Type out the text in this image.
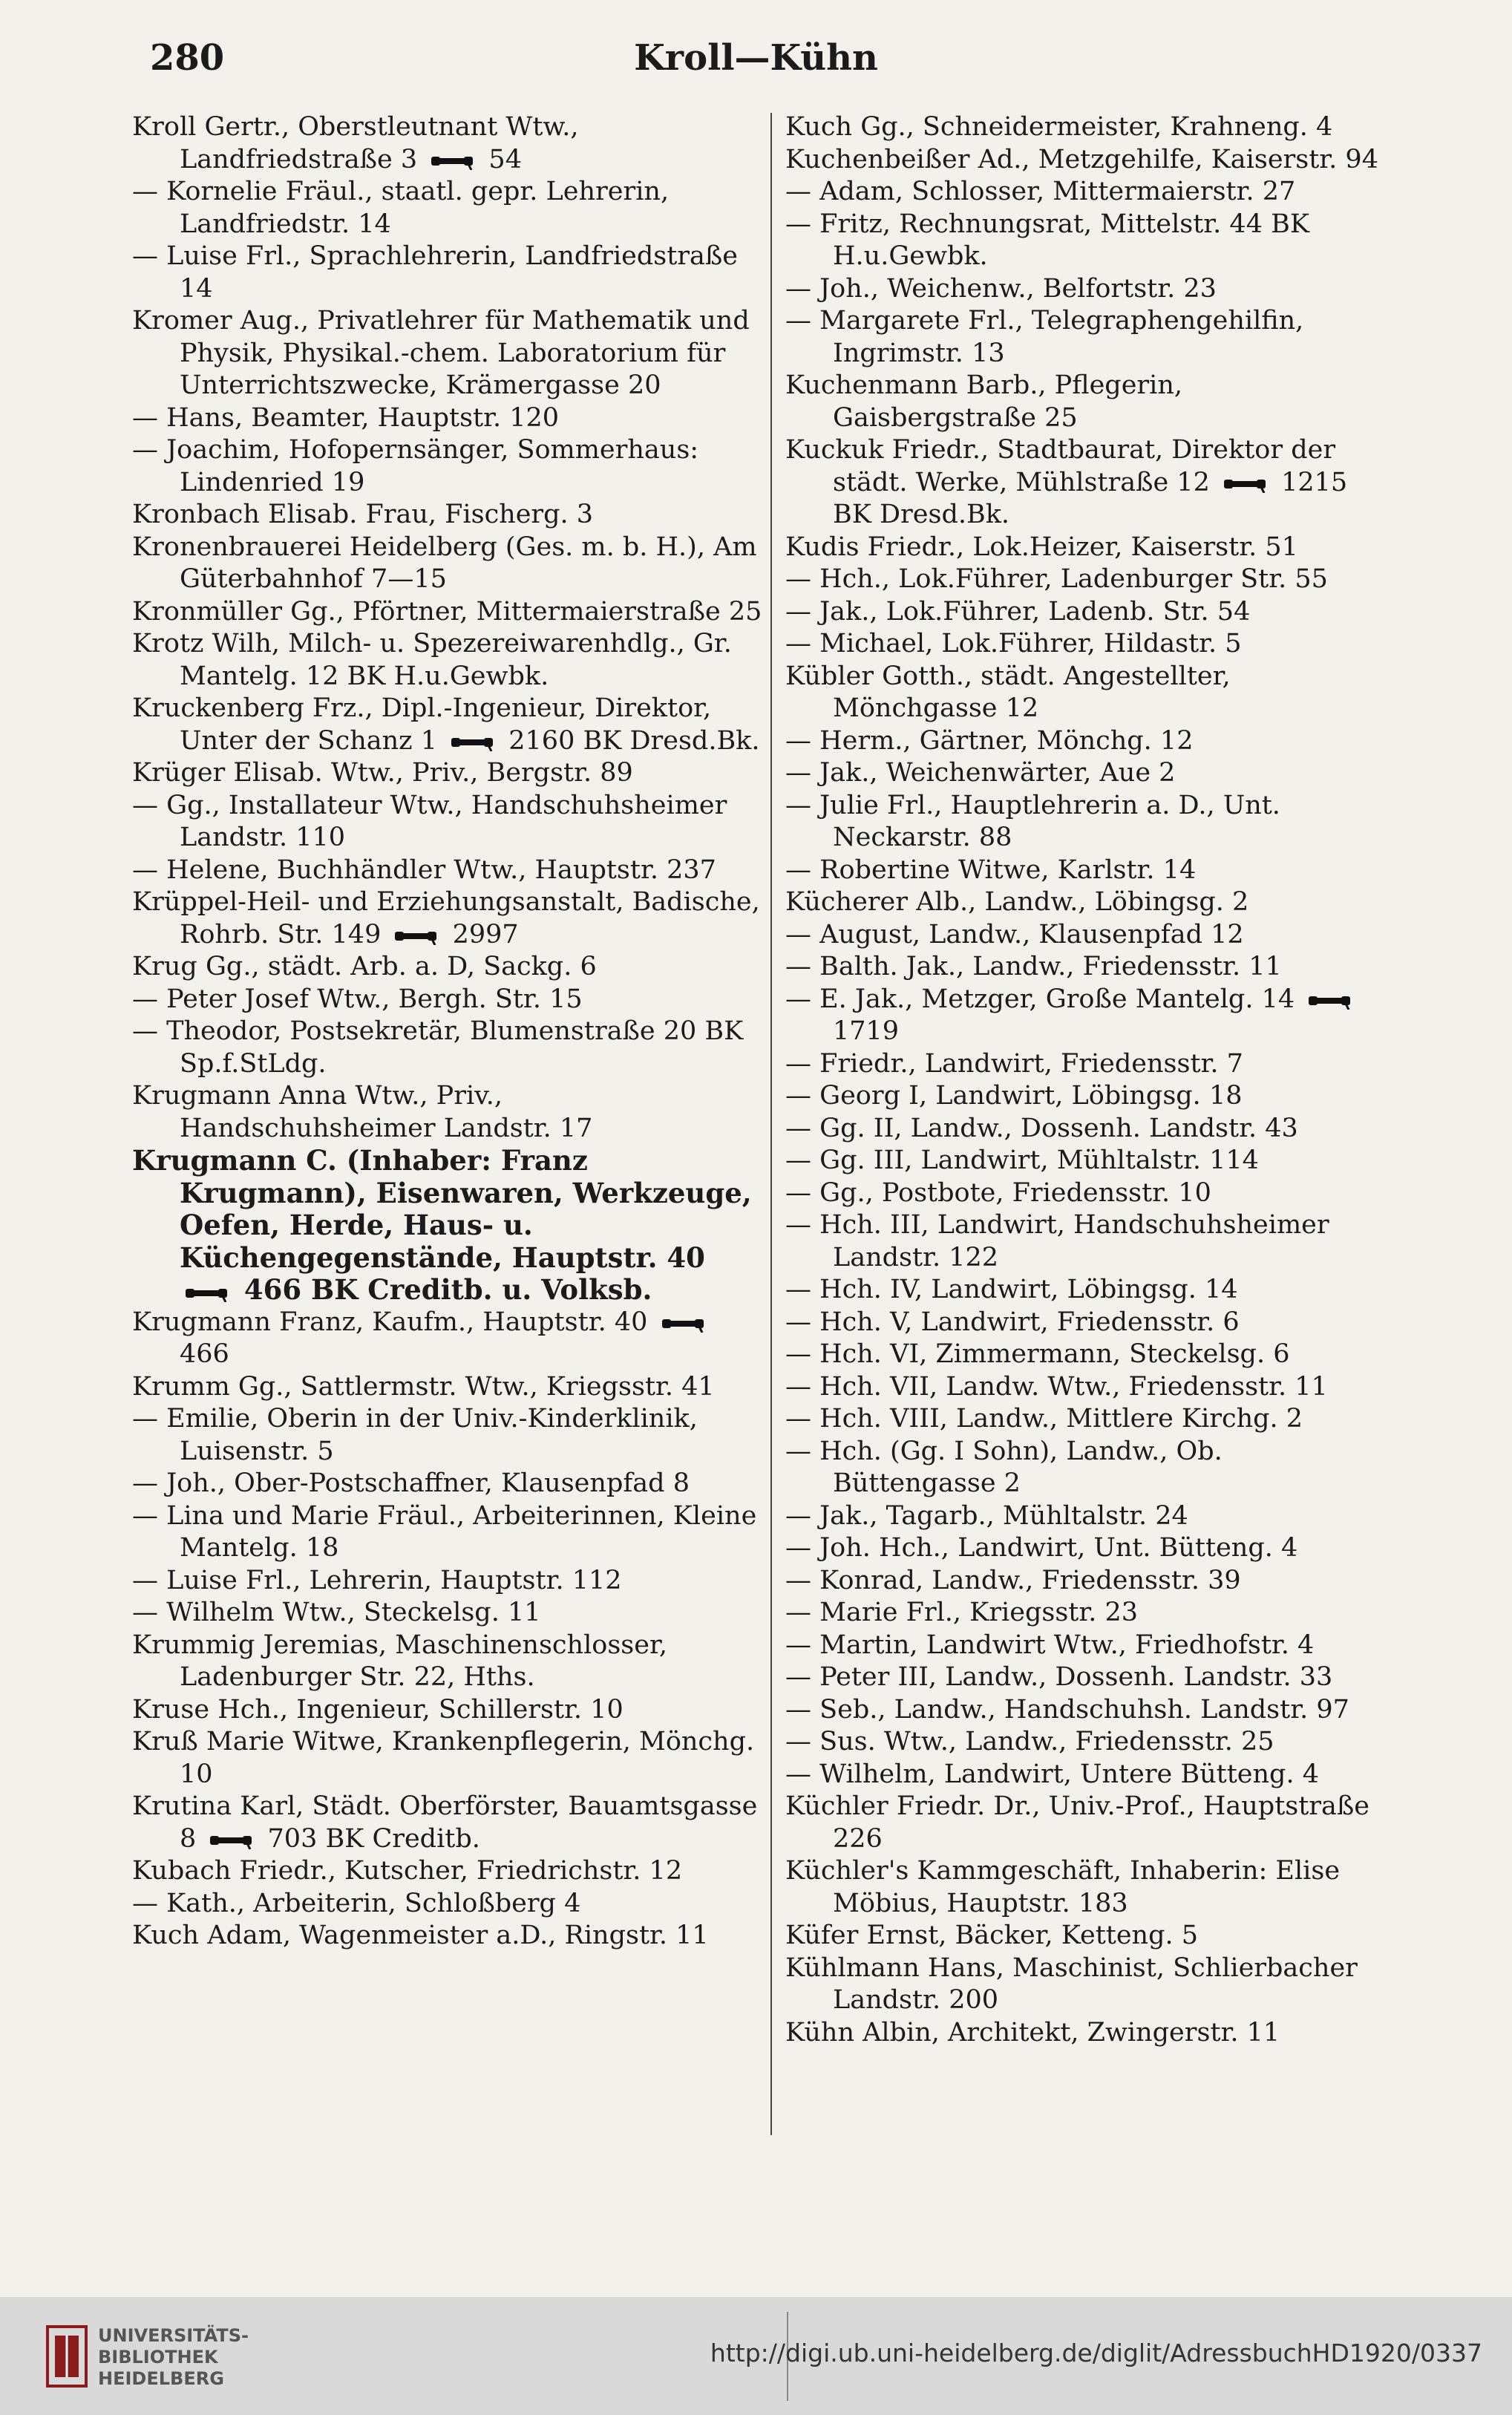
280	Kroll—Kühn
Kroll Gertr., Oberstleutnant Wtw., Landfriedstraße 3  54
— Kornelie Fräul., staatl. gepr. Lehrerin, Landfriedstr. 14
— Luise Frl., Sprachlehrerin, Landfriedstraße 14
Kromer Aug., Privatlehrer für Mathematik und Physik, Physikal.-chem. Laboratorium für Unterrichtszwecke, Krämergasse 20
— Hans, Beamter, Hauptstr. 120
— Joachim, Hofopernsänger, Sommerhaus: Lindenried 19
Kronbach Elisab. Frau, Fischerg. 3
Kronenbrauerei Heidelberg (Ges. m. b. H.), Am Güterbahnhof 7—15
Kronmüller Gg., Pförtner, Mittermaierstraße 25
Krotz Wilh, Milch- u. Spezereiwarenhdlg., Gr. Mantelg. 12 BK H.u.Gewbk.
Kruckenberg Frz., Dipl.-Ingenieur, Direktor, Unter der Schanz 1  2160 BK Dresd.Bk.
Krüger Elisab. Wtw., Priv., Bergstr. 89
— Gg., Installateur Wtw., Handschuhsheimer Landstr. 110
— Helene, Buchhändler Wtw., Hauptstr. 237
Krüppel-Heil- und Erziehungsanstalt, Badische, Rohrb. Str. 149  2997
Krug Gg., städt. Arb. a. D, Sackg. 6
— Peter Josef Wtw., Bergh. Str. 15
— Theodor, Postsekretär, Blumenstraße 20 BK Sp.f.StLdg.
Krugmann Anna Wtw., Priv., Handschuhsheimer Landstr. 17
Krugmann C. (Inhaber: Franz Krugmann), Eisenwaren, Werkzeuge, Oefen, Herde, Haus- u. Küchengegenstände, Hauptstr. 40  466 BK Creditb. u. Volksb.
Krugmann Franz, Kaufm., Hauptstr. 40  466
Krumm Gg., Sattlermstr. Wtw., Kriegsstr. 41
— Emilie, Oberin in der Univ.-Kinderklinik, Luisenstr. 5
— Joh., Ober-Postschaffner, Klausenpfad 8
— Lina und Marie Fräul., Arbeiterinnen, Kleine Mantelg. 18
— Luise Frl., Lehrerin, Hauptstr. 112
— Wilhelm Wtw., Steckelsg. 11
Krummig Jeremias, Maschinenschlosser, Ladenburger Str. 22, Hths.
Kruse Hch., Ingenieur, Schillerstr. 10
Kruß Marie Witwe, Krankenpflegerin, Mönchg. 10
Krutina Karl, Städt. Oberförster, Bauamtsgasse 8  703 BK Creditb.
Kubach Friedr., Kutscher, Friedrichstr. 12
— Kath., Arbeiterin, Schloßberg 4
Kuch Adam, Wagenmeister a.D., Ringstr. 11
Kuch Gg., Schneidermeister, Krahneng. 4
Kuchenbeißer Ad., Metzgehilfe, Kaiserstr. 94
— Adam, Schlosser, Mittermaierstr. 27
— Fritz, Rechnungsrat, Mittelstr. 44 BK H.u.Gewbk.
— Joh., Weichenw., Belfortstr. 23
— Margarete Frl., Telegraphengehilfin, Ingrimstr. 13
Kuchenmann Barb., Pflegerin, Gaisbergstraße 25
Kuckuk Friedr., Stadtbaurat, Direktor der städt. Werke, Mühlstraße 12  1215 BK Dresd.Bk.
Kudis Friedr., Lok.Heizer, Kaiserstr. 51
— Hch., Lok.Führer, Ladenburger Str. 55
— Jak., Lok.Führer, Ladenb. Str. 54
— Michael, Lok.Führer, Hildastr. 5
Kübler Gotth., städt. Angestellter, Mönchgasse 12
— Herm., Gärtner, Mönchg. 12
— Jak., Weichenwärter, Aue 2
— Julie Frl., Hauptlehrerin a. D., Unt. Neckarstr. 88
— Robertine Witwe, Karlstr. 14
Kücherer Alb., Landw., Löbingsg. 2
— August, Landw., Klausenpfad 12
— Balth. Jak., Landw., Friedensstr. 11
— E. Jak., Metzger, Große Mantelg. 14  1719
— Friedr., Landwirt, Friedensstr. 7
— Georg I, Landwirt, Löbingsg. 18
— Gg. II, Landw., Dossenh. Landstr. 43
— Gg. III, Landwirt, Mühltalstr. 114
— Gg., Postbote, Friedensstr. 10
— Hch. III, Landwirt, Handschuhsheimer Landstr. 122
— Hch. IV, Landwirt, Löbingsg. 14
— Hch. V, Landwirt, Friedensstr. 6
— Hch. VI, Zimmermann, Steckelsg. 6
— Hch. VII, Landw. Wtw., Friedensstr. 11
— Hch. VIII, Landw., Mittlere Kirchg. 2
— Hch. (Gg. I Sohn), Landw., Ob. Büttengasse 2
— Jak., Tagarb., Mühltalstr. 24
— Joh. Hch., Landwirt, Unt. Bütteng. 4
— Konrad, Landw., Friedensstr. 39
— Marie Frl., Kriegsstr. 23
— Martin, Landwirt Wtw., Friedhofstr. 4
— Peter III, Landw., Dossenh. Landstr. 33
— Seb., Landw., Handschuhsh. Landstr. 97
— Sus. Wtw., Landw., Friedensstr. 25
— Wilhelm, Landwirt, Untere Bütteng. 4
Küchler Friedr. Dr., Univ.-Prof., Hauptstraße 226
Küchler's Kammgeschäft, Inhaberin: Elise Möbius, Hauptstr. 183
Küfer Ernst, Bäcker, Ketteng. 5
Kühlmann Hans, Maschinist, Schlierbacher Landstr. 200
Kühn Albin, Architekt, Zwingerstr. 11
UNIVERSITÄTS-
BIBLIOTHEK
HEIDELBERG
http://digi.ub.uni-heidelberg.de/diglit/AdressbuchHD1920/0337
